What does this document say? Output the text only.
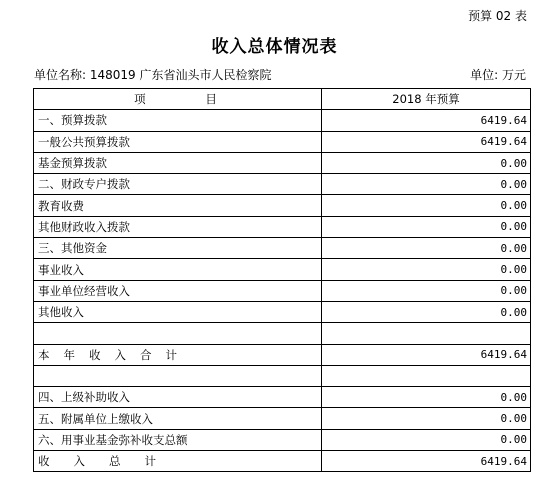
预算 02 表
收入总体情况表
单位名称: 148019 广东省汕头市人民检察院	单位: 万元
项 目	2018 年预算
一、预算拨款	6419.64
一般公共预算拨款	6419.64
基金预算拨款	0.00
二、财政专户拨款	0.00
教育收费	0.00
其他财政收入拨款	0.00
三、其他资金	0.00
事业收入	0.00
事业单位经营收入	0.00
其他收入	0.00

本年收入合计	6419.64

四、上级补助收入	0.00
五、附属单位上缴收入	0.00
六、用事业基金弥补收支总额	0.00
收入总计	6419.64
